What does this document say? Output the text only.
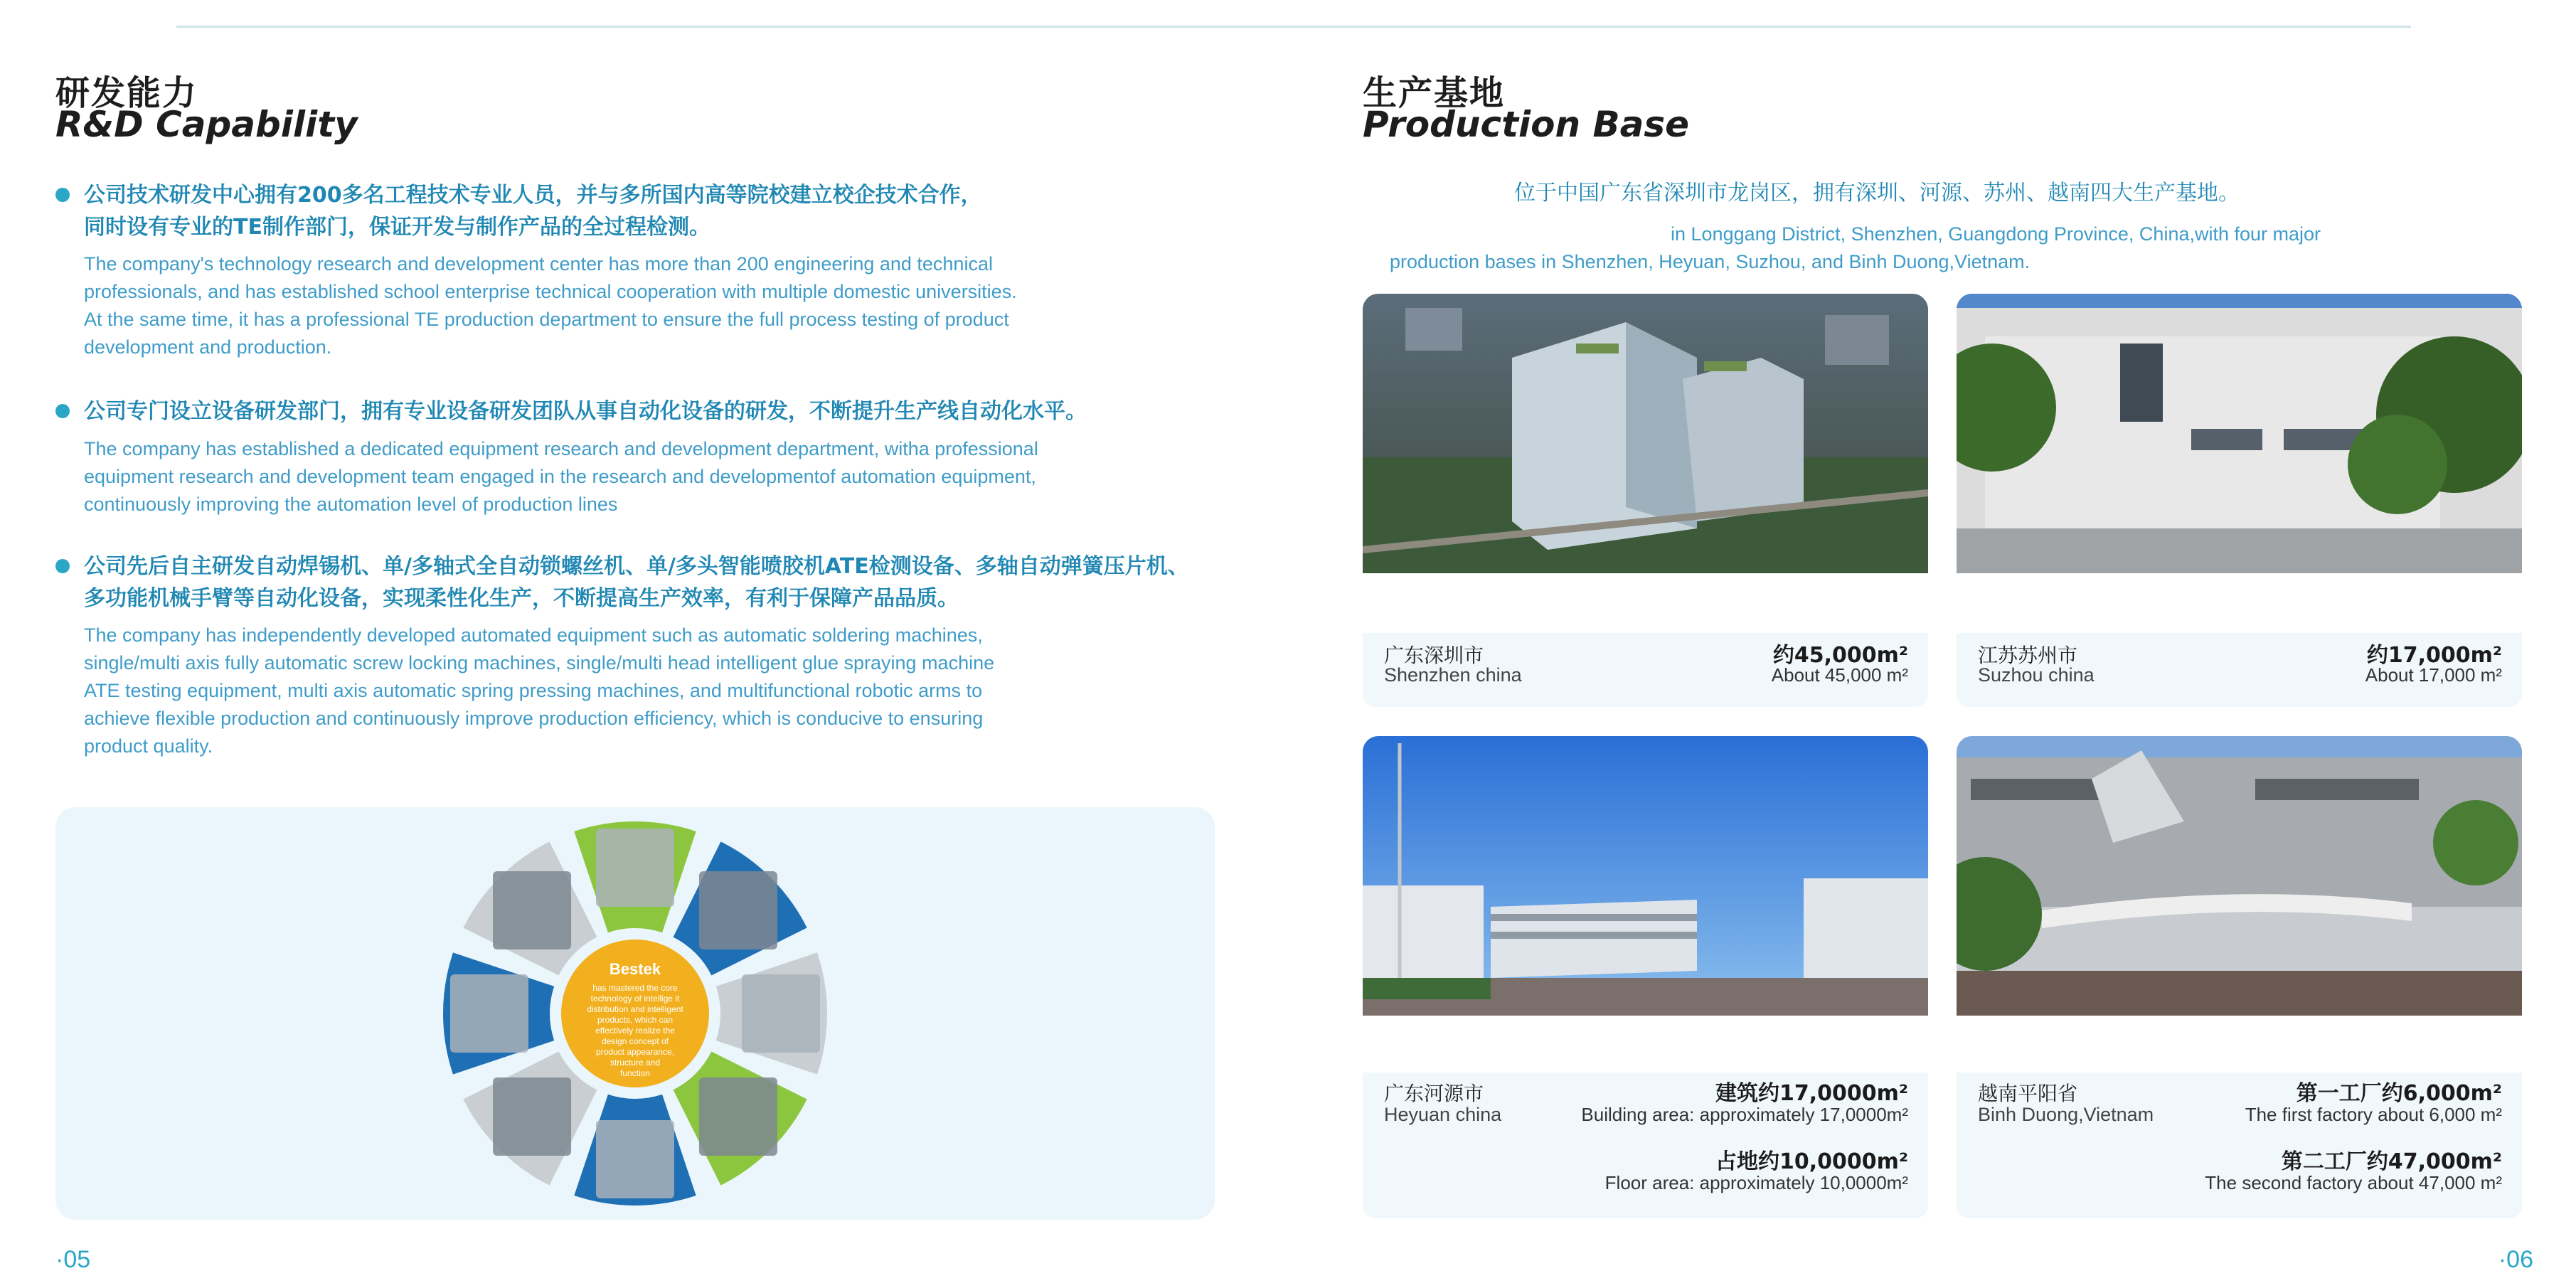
研发能力
R&D Capability
公司技术研发中心拥有200多名工程技术专业人员，并与多所国内高等院校建立校企技术合作，
同时设有专业的TE制作部门，保证开发与制作产品的全过程检测。
The company's technology research and development center has more than 200 engineering and technical
professionals, and has established school enterprise technical cooperation with multiple domestic universities.
At the same time, it has a professional TE production department to ensure the full process testing of product
development and production.
公司专门设立设备研发部门，拥有专业设备研发团队从事自动化设备的研发，不断提升生产线自动化水平。
The company has established a dedicated equipment research and development department, witha professional
equipment research and development team engaged in the research and developmentof automation equipment,
continuously improving the automation level of production lines
公司先后自主研发自动焊锡机、单/多轴式全自动锁螺丝机、单/多头智能喷胶机ATE检测设备、多轴自动弹簧压片机、
多功能机械手臂等自动化设备，实现柔性化生产，不断提高生产效率，有利于保障产品品质。
The company has independently developed automated equipment such as automatic soldering machines,
single/multi axis fully automatic screw locking machines, single/multi head intelligent glue spraying machine
ATE testing equipment, multi axis automatic spring pressing machines, and multifunctional robotic arms to
achieve flexible production and continuously improve production efficiency, which is conducive to ensuring
product quality.
Bestek
has mastered the core
technology of intellige it
distribution and intelligent
products, which can
effectively realize the
design concept of
product appearance,
structure and
function
·05
生产基地
Production Base
位于中国广东省深圳市龙岗区，拥有深圳、河源、苏州、越南四大生产基地。
in Longgang District, Shenzhen, Guangdong Province, China,with four major
production bases in Shenzhen, Heyuan, Suzhou, and Binh Duong,Vietnam.
广东深圳市
Shenzhen china
约45,000m²
About 45,000 m²
江苏苏州市
Suzhou china
约17,000m²
About 17,000 m²
广东河源市
Heyuan china
建筑约17,0000m²
Building area: approximately 17,0000m²
占地约10,0000m²
Floor area: approximately 10,0000m²
越南平阳省
Binh Duong,Vietnam
第一工厂约6,000m²
The first factory about 6,000 m²
第二工厂约47,000m²
The second factory about 47,000 m²
·06
